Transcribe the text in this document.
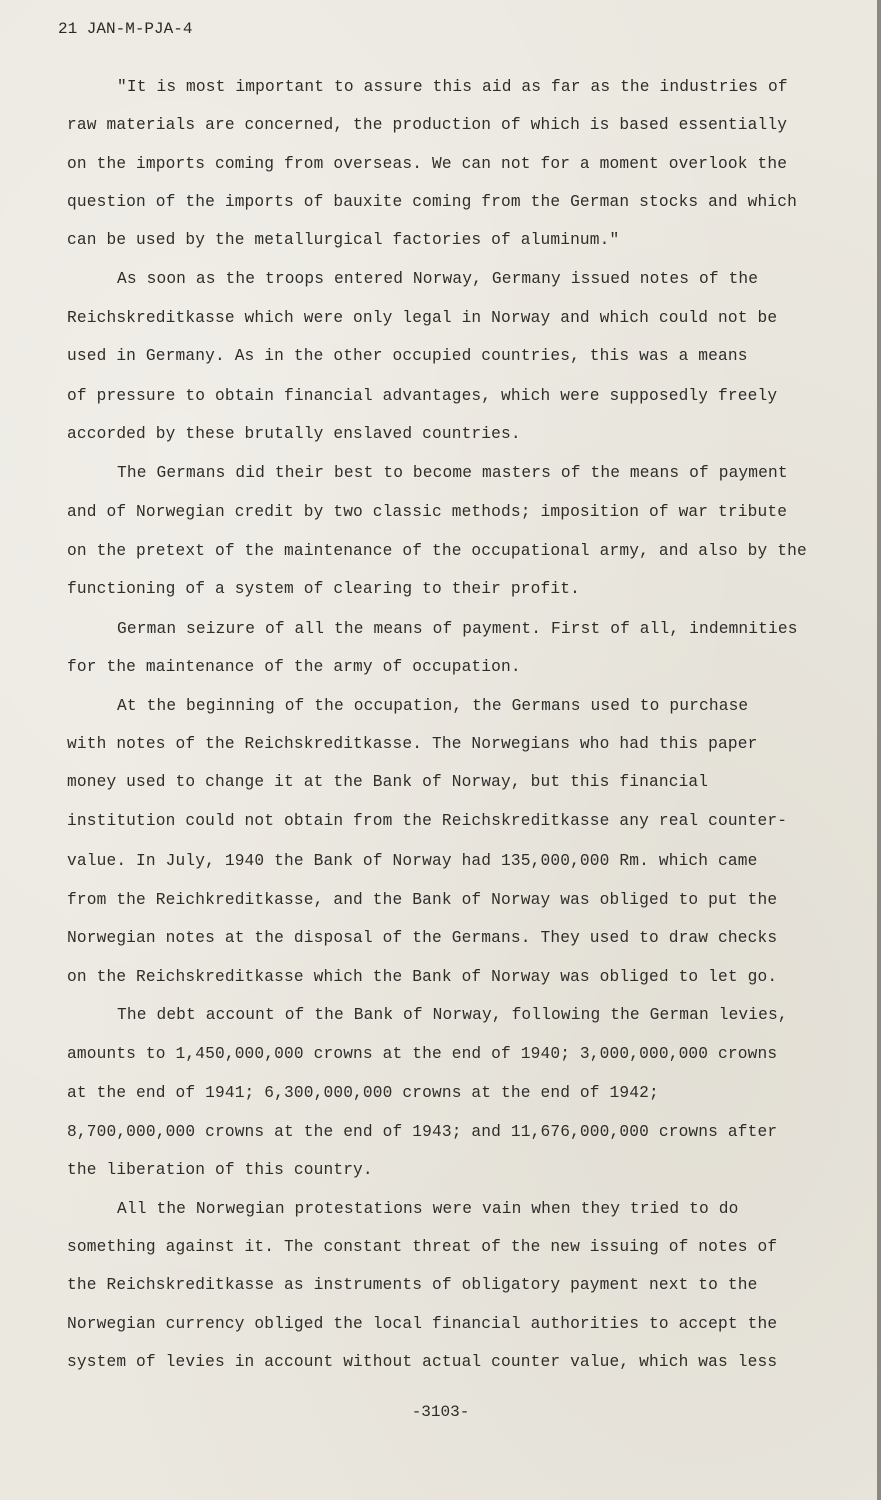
21 JAN-M-PJA-4
"It is most important to assure this aid as far as the industries of
raw materials are concerned, the production of which is based essentially
on the imports coming from overseas. We can not for a moment overlook the
question of the imports of bauxite coming from the German stocks and which
can be used by the metallurgical factories of aluminum."
As soon as the troops entered Norway, Germany issued notes of the
Reichskreditkasse which were only legal in Norway and which could not be
used in Germany. As in the other occupied countries, this was a means
of pressure to obtain financial advantages, which were supposedly freely
accorded by these brutally enslaved countries.
The Germans did their best to become masters of the means of payment
and of Norwegian credit by two classic methods; imposition of war tribute
on the pretext of the maintenance of the occupational army, and also by the
functioning of a system of clearing to their profit.
German seizure of all the means of payment. First of all, indemnities
for the maintenance of the army of occupation.
At the beginning of the occupation, the Germans used to purchase
with notes of the Reichskreditkasse. The Norwegians who had this paper
money used to change it at the Bank of Norway, but this financial
institution could not obtain from the Reichskreditkasse any real counter-
value. In July, 1940 the Bank of Norway had 135,000,000 Rm. which came
from the Reichkreditkasse, and the Bank of Norway was obliged to put the
Norwegian notes at the disposal of the Germans. They used to draw checks
on the Reichskreditkasse which the Bank of Norway was obliged to let go.
The debt account of the Bank of Norway, following the German levies,
amounts to 1,450,000,000 crowns at the end of 1940; 3,000,000,000 crowns
at the end of 1941; 6,300,000,000 crowns at the end of 1942;
8,700,000,000 crowns at the end of 1943; and 11,676,000,000 crowns after
the liberation of this country.
All the Norwegian protestations were vain when they tried to do
something against it. The constant threat of the new issuing of notes of
the Reichskreditkasse as instruments of obligatory payment next to the
Norwegian currency obliged the local financial authorities to accept the
system of levies in account without actual counter value, which was less
-3103-
